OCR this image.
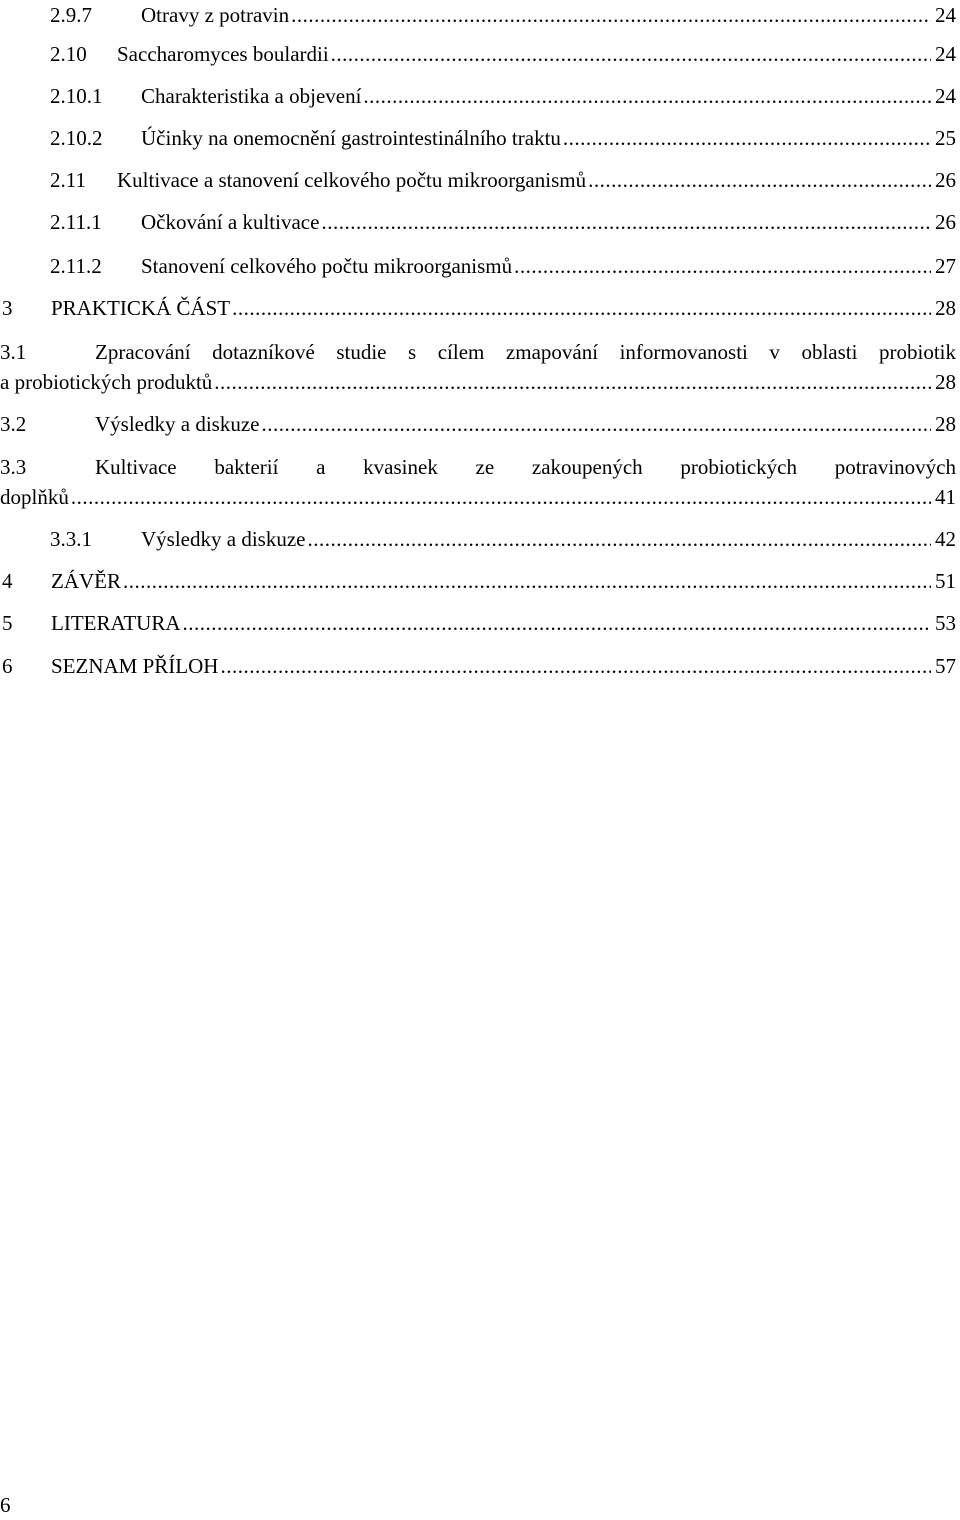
2.9.7 Otravy z potravin .....	24
2.10 Saccharomyces boulardii .....	24
2.10.1 Charakteristika a objevení .....	24
2.10.2 Účinky na onemocnění gastrointestinálního traktu .....	25
2.11 Kultivace a stanovení celkového počtu mikroorganismů .....	26
2.11.1 Očkování a kultivace .....	26
2.11.2 Stanovení celkového počtu mikroorganismů .....	27
3 PRAKTICKÁ ČÁST .....	28
3.1	Zpracování dotazníkové studie s cílem zmapování informovanosti v oblasti probiotik
a probiotických produktů .....	28
3.2	Výsledky a diskuze .....	28
3.3	Kultivace bakterií a kvasinek ze zakoupených probiotických potravinových
doplňků .....	41
3.3.1 Výsledky a diskuze .....	42
4 ZÁVĚR .....	51
5 LITERATURA .....	53
6 SEZNAM PŘÍLOH .....	57
6
